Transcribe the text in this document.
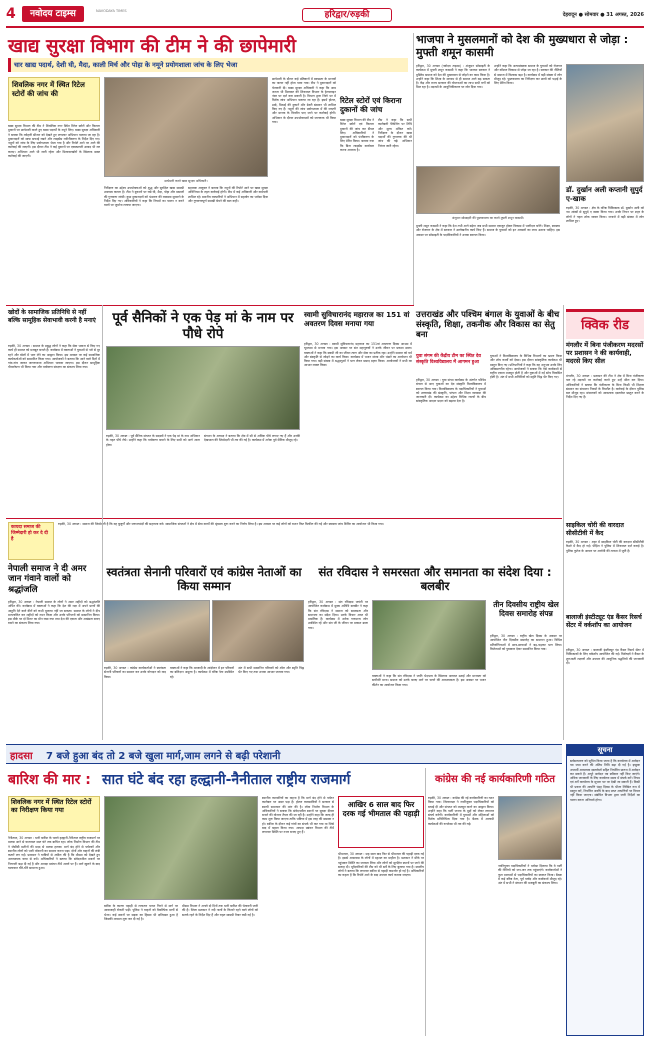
4	नवोदय टाइम्स	NAVODAYA TIMES	हरिद्वार/रुड़की	देहरादून ● सोमवार ● 31 अगस्त, 2026
खाद्य सुरक्षा विभाग की टीम ने की छापेमारी
चार खाद्य पदार्थ, देशी घी, मैदा, काली मिर्च और पोहा के नमूने प्रयोगशाला जांच के लिए भेजा
शिवलिक नगर में स्थित रिटेल स्टोरों की जांच की
खाद्य सुरक्षा विभाग की टीम ने शिवलिक नगर स्थित रिटेल स्टोरों और किराना दुकानों पर छापेमारी करते हुए खाद्य पदार्थों के नमूने लिए। खाद्य सुरक्षा अधिकारी ने बताया कि त्योहारी सीजन को देखते हुए लगातार अभियान चलाया जा रहा है। दुकानदारों को साफ सफाई रखने और लाइसेंस नवीनीकरण के निर्देश दिए गए। नमूनों को जांच के लिए प्रयोगशाला भेजा गया है और रिपोर्ट आने पर आगे की कार्रवाई की जाएगी। इस दौरान टीम ने कई दुकानों पर एक्सपायरी उत्पाद भी नष्ट कराए। अभियान आगे भी जारी रहेगा और मिलावटखोरों के खिलाफ सख्त कार्रवाई की जाएगी।
छापेमारी करते खाद्य सुरक्षा अधिकारी।
निरीक्षण का उद्देश्य उपभोक्ताओं को शुद्ध और सुरक्षित खाद्य सामग्री उपलब्ध कराना है। टीम ने दुकानों पर रखे घी, मैदा, पोहा और मसालों की गुणवत्ता जांची। कुछ दुकानदारों को भंडारण की व्यवस्था सुधारने के निर्देश दिए गए। अधिकारियों ने कहा कि नियमों का पालन न करने वालों पर जुर्माना लगाया जाएगा।
सहायक आयुक्त ने बताया कि नमूनों की रिपोर्ट आने पर खाद्य सुरक्षा अधिनियम के तहत कार्रवाई होगी। टीम में कई अधिकारी और कर्मचारी शामिल रहे। स्थानीय व्यापारियों ने अभियान में सहयोग का भरोसा दिया और गुणवत्तापूर्ण सामग्री बेचने की बात कही।
छापेमारी के दौरान कई प्रतिष्ठानों में स्वच्छता के मानकों का पालन नहीं होता पाया गया। टीम ने दुकानदारों को चेतावनी दी। खाद्य सुरक्षा अधिकारी ने कहा कि आम जनता भी मिलावट की शिकायत विभाग के हेल्पलाइन नंबर पर दर्ज करा सकती है। विभाग द्वारा जिले भर में विशेष जांच अभियान चलाया जा रहा है। इसमें होटल, ढाबे, मिठाई की दुकानें और डेयरी संस्थान भी शामिल किए गए हैं। नमूनों की जांच प्रयोगशाला में की जाएगी और मानक के विपरीत पाए जाने पर कार्रवाई होगी। अभियान के दौरान उपभोक्ताओं को जागरूक भी किया गया।
रिटेल स्टोरों एवं किराना दुकानों की जांच
खाद्य सुरक्षा विभाग की टीम ने रिटेल स्टोरों एवं किराना दुकानों की जांच कर सैंपल लिए। अधिकारियों ने दुकानदारों को पंजीकरण के लिए प्रेरित किया। बताया गया कि बिना लाइसेंस कारोबार करना अपराध है।
टीम ने कहा कि सभी कारोबारी पैकेजिंग पर तिथि और मूल्य अंकित करें। निरीक्षण के दौरान खाद्य पदार्थों की गुणवत्ता की भी जांच की गई। अभियान निरंतर जारी रहेगा।
भाजपा ने मुसलमानों को देश की मुख्यधारा से जोड़ा : मुफ्ती शमून कासमी
हरिद्वार, 30 अगस्त (नवोदय टाइम्स) : अंजुमन सोसाइटी के कार्यक्रम में मुफ्ती शमून कासमी ने कहा कि भाजपा सरकार ने मुस्लिम समाज को देश की मुख्यधारा से जोड़ने का काम किया है। उन्होंने कहा कि शिक्षा के माध्यम से ही समाज आगे बढ़ सकता है। केंद्र और राज्य सरकार की योजनाओं का लाभ सभी वर्गों को मिल रहा है। मदरसों के आधुनिकीकरण पर जोर दिया गया।
उन्होंने कहा कि अल्पसंख्यक समाज के युवाओं को रोजगार और कौशल विकास से जोड़ा जा रहा है। सरकार की नीतियों से समाज में विश्वास बढ़ा है। कार्यक्रम में बड़ी संख्या में लोग मौजूद रहे। पुस्तकालय का निरीक्षण कर छात्रों को पढ़ाई के लिए प्रेरित किया।
अंजुमन सोसाइटी की पुस्तकालय का करते मुफ्ती शमून कासमी।
डॉ. दुर्खान अली कप्तानी सुपुर्द ए-खाक
रुड़की, 30 अगस्त : क्षेत्र के वरिष्ठ चिकित्सक डॉ. दुर्खान अली को नम आंखों से सुपुर्द ए खाक किया गया। उनके निधन पर शहर के लोगों ने गहरा शोक व्यक्त किया। जनाजे में बड़ी संख्या में लोग शामिल हुए।
मुफ्ती शमून कासमी ने कहा कि देश तभी आगे बढ़ेगा जब सभी समाज एकजुट होकर विकास में भागीदार बनेंगे। शिक्षा, स्वास्थ्य और रोजगार के क्षेत्र में सरकार ने उल्लेखनीय कार्य किए हैं। समाज के युवाओं को इन अवसरों का लाभ उठाना चाहिए। इस अवसर पर सोसाइटी के पदाधिकारियों ने उनका स्वागत किया।
खोदों के सामाजिक प्रतिनिधि से नहीं बल्कि सामूहिक सेवाभावी करनी है मनाएं
रुड़की, 30 अगस्त : समाज के प्रबुद्ध लोगों ने कहा कि सेवा भावना से किए गए कार्य ही समाज को मजबूत बनाते हैं। कार्यक्रम में वक्ताओं ने युवाओं से नशे से दूर रहने और खेलों में भाग लेने का आह्वान किया। इस अवसर पर कई सामाजिक कार्यकर्ताओं को सम्मानित किया गया। आयोजकों ने बताया कि आने वाले दिनों में गांव-गांव जाकर जागरूकता अभियान चलाया जाएगा। इस दौरान सामूहिक पौधारोपण भी किया गया और पर्यावरण संरक्षण का संकल्प लिया गया।
पूर्व सैनिकों ने एक पेड़ मां के नाम पर पौधे रोपे
रुड़की, 30 अगस्त : पूर्व सैनिक संगठन के सदस्यों ने एक पेड़ मां के नाम अभियान के तहत पौधे रोपे। उन्होंने कहा कि पर्यावरण बचाने के लिए सभी को आगे आना होगा।
संगठन के अध्यक्ष ने बताया कि क्षेत्र में सौ से अधिक पौधे लगाए गए हैं और उनकी देखभाल की जिम्मेदारी भी तय की गई है। कार्यक्रम में अनेक पूर्व सैनिक मौजूद रहे।
स्वामी सुविचारानंद महाराज का 151 वां अवतरण दिवस मनाया गया
हरिद्वार, 30 अगस्त : स्वामी सुविचारानंद महाराज का 151वां अवतरण दिवस आश्रम में धूमधाम से मनाया गया। इस अवसर पर संत महापुरुषों ने उनके जीवन पर प्रकाश डाला। वक्ताओं ने कहा कि स्वामी जी का जीवन त्याग और सेवा का प्रतीक रहा। उन्होंने समाज को धर्म और संस्कृति से जोड़ने का कार्य किया। कार्यक्रम में भजन संध्या और भंडारे का आयोजन भी किया गया। बड़ी संख्या में श्रद्धालुओं ने भाग लेकर प्रसाद ग्रहण किया। आयोजकों ने सभी का आभार व्यक्त किया।
उत्तराखंड और पश्चिम बंगाल के युवाओं के बीच संस्कृति, शिक्षा, तकनीक और विकास का सेतु बना
युवा संगम की केंद्रीय टीम का स्थित देव संस्कृति विश्वविद्यालय में आगमन हुआ
हरिद्वार, 30 अगस्त : युवा संगम कार्यक्रम के अंतर्गत पश्चिम बंगाल से आए युवाओं का देव संस्कृति विश्वविद्यालय में स्वागत किया गया। विश्वविद्यालय के पदाधिकारियों ने युवाओं को उत्तराखंड की संस्कृति, परंपरा और शिक्षा व्यवस्था की जानकारी दी। कार्यक्रम का उद्देश्य विभिन्न राज्यों के बीच सांस्कृतिक आदान प्रदान को बढ़ावा देना है।
युवाओं ने विश्वविद्यालय के विभिन्न विभागों का भ्रमण किया और शोध कार्यों को देखा। इस दौरान सांस्कृतिक कार्यक्रम भी प्रस्तुत किए गए। प्रतिभागियों ने कहा कि यह अनुभव उनके लिए अविस्मरणीय रहेगा। आयोजकों ने बताया कि ऐसे कार्यक्रमों से राष्ट्रीय एकता मजबूत होती है और युवाओं में नई सोच विकसित होती है। अंत में सभी अतिथियों को स्मृति चिह्न भेंट किए गए।
क्विक रीड
मंगलौर में बिना पंजीकरण मदरसों पर प्रशासन ने की कार्यवाही, मदरसे किए सील
मंगलौर, 30 अगस्त : प्रशासन की टीम ने क्षेत्र में बिना पंजीकरण चल रहे मदरसों पर कार्रवाई करते हुए उन्हें सील कर दिया। अधिकारियों ने बताया कि पंजीकरण के बिना किसी भी शिक्षण संस्थान का संचालन नियमों के विपरीत है। कार्रवाई के दौरान पुलिस बल मौजूद रहा। संचालकों को आवश्यक दस्तावेज प्रस्तुत करने के निर्देश दिए गए हैं।
कायदा समाज की जिम्मेदारी हो कर दे दी है
रुड़की, 30 अगस्त : समाज की जिम्मेदारी है कि वह बुजुर्गों और जरूरतमंदों की सहायता करे। सामाजिक संगठनों ने क्षेत्र में सेवा कार्यों की श्रृंखला शुरू करने का निर्णय लिया है। इस अवसर पर कई लोगों को राशन किट वितरित की गई और स्वास्थ्य जांच शिविर का आयोजन भी किया गया।
नेपाली समाज ने दी अमर जान गंवाने वालों को श्रद्धांजलि
हरिद्वार, 30 अगस्त : नेपाली समाज के लोगों ने अमर शहीदों को श्रद्धांजलि अर्पित की। कार्यक्रम में वक्ताओं ने कहा कि देश की रक्षा में अपने प्राणों की आहुति देने वाले वीरों को कभी भुलाया नहीं जा सकता। समाज के लोगों ने दीप प्रज्ज्वलित कर शहीदों को नमन किया और उनके परिजनों को सम्मानित किया। इस मौके पर दो मिनट का मौन रखा गया तथा देश की एकता और अखंडता बनाए रखने का संकल्प लिया गया।
स्वतंत्रता सेनानी परिवारों एवं कांग्रेस नेताओं का किया सम्मान
रुड़की, 30 अगस्त : कांग्रेस कार्यकर्ताओं ने स्वतंत्रता सेनानी परिवारों का सम्मान कर उनके योगदान को याद किया।
वक्ताओं ने कहा कि आजादी के आंदोलन में इन परिवारों का बलिदान अमूल्य है। कार्यक्रम में वरिष्ठ नेता उपस्थित रहे।
अंत में सभी सम्मानित परिवारों को शॉल और स्मृति चिह्न भेंट किए गए तथा उनका आभार जताया गया।
संत रविदास ने समरसता और समानता का संदेश दिया : बलबीर
हरिद्वार, 30 अगस्त : संत रविदास जयंती पर आयोजित कार्यक्रम में मुख्य अतिथि बलबीर ने कहा कि संत रविदास ने समाज को समरसता और समानता का संदेश दिया। उनके विचार आज भी प्रासंगिक हैं। कार्यक्रम में अनेक गणमान्य लोग उपस्थित रहे और संत जी के जीवन पर प्रकाश डाला गया।
वक्ताओं ने कहा कि संत रविदास ने जाति भेदभाव के खिलाफ आवाज उठाई और मानवता को सर्वोपरि माना। समाज को उनके बताए मार्ग पर चलने की आवश्यकता है। इस अवसर पर भजन कीर्तन का आयोजन किया गया।
तीन दिवसीय राष्ट्रीय खेल दिवस समारोह संपन्न
हरिद्वार, 30 अगस्त : राष्ट्रीय खेल दिवस के अवसर पर आयोजित तीन दिवसीय समारोह का समापन हुआ। विभिन्न प्रतियोगिताओं में छात्र-छात्राओं ने बढ़-चढ़कर भाग लिया। विजेताओं को पुरस्कार देकर सम्मानित किया गया।
साइकिल चोरी की वारदात सीसीटीवी में कैद
रुड़की, 30 अगस्त : शहर में साइकिल चोरी की वारदात सीसीटीवी कैमरे में कैद हो गई। पीड़ित ने पुलिस में शिकायत दर्ज कराई है। पुलिस फुटेज के आधार पर आरोपी की तलाश में जुटी है।
बालाजी इंस्टीट्यूट एंड कैंसर रिसर्च सेंटर में वर्कशॉप का आयोजन
हरिद्वार, 30 अगस्त : बालाजी इंस्टीट्यूट एंड कैंसर रिसर्च सेंटर में चिकित्सकों के लिए वर्कशॉप आयोजित की गई। विशेषज्ञों ने कैंसर के शुरुआती लक्षणों और उपचार की आधुनिक पद्धतियों की जानकारी दी।
हादसा 7 बजे हुआ बंद तो 2 बजे खुला मार्ग,जाम लगने से बढ़ी परेशानी
बारिश की मार : सात घंटे बंद रहा हल्द्वानी-नैनीताल राष्ट्रीय राजमार्ग
शिवलिक नगर में स्थित रिटेल स्टोरों का निरीक्षण किया गया
नैनीताल, 30 अगस्त : भारी बारिश के चलते हल्द्वानी-नैनीताल राष्ट्रीय राजमार्ग पर मलबा आने से यातायात सात घंटे तक बाधित रहा। लोक निर्माण विभाग की टीम ने जेसीबी मशीनों की मदद से मलबा हटाया। मार्ग बंद होने से पर्यटकों और स्थानीय लोगों को भारी परेशानी का सामना करना पड़ा। दोनों ओर वाहनों की लंबी कतारें लग गईं। प्रशासन ने यात्रियों से अपील की है कि मौसम को देखते हुए अनावश्यक यात्रा से बचें। अधिकारियों ने बताया कि संवेदनशील स्थानों पर निगरानी बढ़ा दी गई है और आपदा प्रबंधन टीमें अलर्ट पर हैं। मार्ग खुलने के बाद यातायात धीरे-धीरे सामान्य हुआ।
बारिश के कारण पहाड़ी से लगातार पत्थर गिरने से मार्ग पर आवाजाही रोकनी पड़ी। पुलिस ने वाहनों को वैकल्पिक मार्गों से भेजा। कई स्थानों पर सड़क का हिस्सा भी क्षतिग्रस्त हुआ है जिसकी मरम्मत शुरू कर दी गई है।
मौसम विभाग ने अगले दो दिनों तक भारी बारिश की चेतावनी जारी की है। जिला प्रशासन ने नदी नालों के किनारे रहने वाले लोगों को सतर्क रहने के निर्देश दिए हैं और राहत सामग्री तैयार रखी गई है।
स्थानीय व्यापारियों का कहना है कि मार्ग बंद होने से पर्यटन कारोबार पर असर पड़ा है। होटल व्यवसायियों ने सरकार से स्थायी समाधान की मांग की है। लोक निर्माण विभाग के अधिकारियों ने बताया कि संवेदनशील स्थानों पर सुरक्षा दीवार बनाने की योजना तैयार की जा रही है। उन्होंने कहा कि जल्द ही काम शुरू किया जाएगा ताकि भविष्य में इस तरह की समस्या न हो। बारिश के दौरान कई गांवों का संपर्क भी कट गया था जिसे बाद में बहाल किया गया। आपदा प्रबंधन विभाग की टीमें लगातार स्थिति पर नजर बनाए हुए हैं।
आखिर 6 साल बाद फिर दरक गई भीमताल की पहाड़ी
भीमताल, 30 अगस्त : छह साल बाद फिर से भीमताल की पहाड़ी दरक गई है। इससे आसपास के लोगों में दहशत का माहौल है। प्रशासन ने मौके पर पहुंचकर स्थिति का जायजा लिया और लोगों को सुरक्षित स्थानों पर जाने की सलाह दी। भूवैज्ञानिकों की टीम को भी सर्वे के लिए बुलाया गया है। स्थानीय लोगों ने बताया कि लगातार बारिश से पहाड़ी कमजोर हो गई है। अधिकारियों का कहना है कि रिपोर्ट आने के बाद उपचार कार्य कराया जाएगा।
कांग्रेस की नई कार्यकारिणी गठित
रुड़की, 30 अगस्त : कांग्रेस की नई कार्यकारिणी का गठन किया गया। जिलाध्यक्ष ने नवनियुक्त पदाधिकारियों को बधाई दी और संगठन को मजबूत करने का आह्वान किया। उन्होंने कहा कि पार्टी जनता के मुद्दों को लेकर लगातार संघर्ष करेगी। कार्यकारिणी में युवाओं और महिलाओं को विशेष प्रतिनिधित्व दिया गया है। बैठक में आगामी कार्यक्रमों की रूपरेखा भी तय की गई।
नवनियुक्त पदाधिकारियों ने भरोसा दिलाया कि वे पार्टी की नीतियों को जन-जन तक पहुंचाएंगे। कार्यकर्ताओं ने फूल मालाओं से पदाधिकारियों का स्वागत किया। बैठक में कई वरिष्ठ नेता, पूर्व पार्षद और कार्यकर्ता मौजूद रहे। अंत में सभी ने संगठन की मजबूती का संकल्प लिया।
सूचना
सर्वसाधारण को सूचित किया जाता है कि कार्यालय में आवेदन पत्र जमा करने की अंतिम तिथि बढ़ा दी गई है। इच्छुक अभ्यर्थी आवश्यक दस्तावेजों सहित निर्धारित प्रारूप में आवेदन कर सकते हैं। अधूरे आवेदन पत्र स्वीकार नहीं किए जाएंगे। अधिक जानकारी के लिए कार्यालय समय में संपर्क करें। नियम एवं शर्तें कार्यालय के सूचना पट पर देखी जा सकती हैं। किसी भी प्रकार की आपत्ति पंद्रह दिवस के भीतर लिखित रूप में प्रस्तुत करें, निर्धारित अवधि के बाद प्राप्त आपत्तियों पर विचार नहीं किया जाएगा। संबंधित विभाग द्वारा जारी निर्देशों का पालन करना अनिवार्य होगा।
